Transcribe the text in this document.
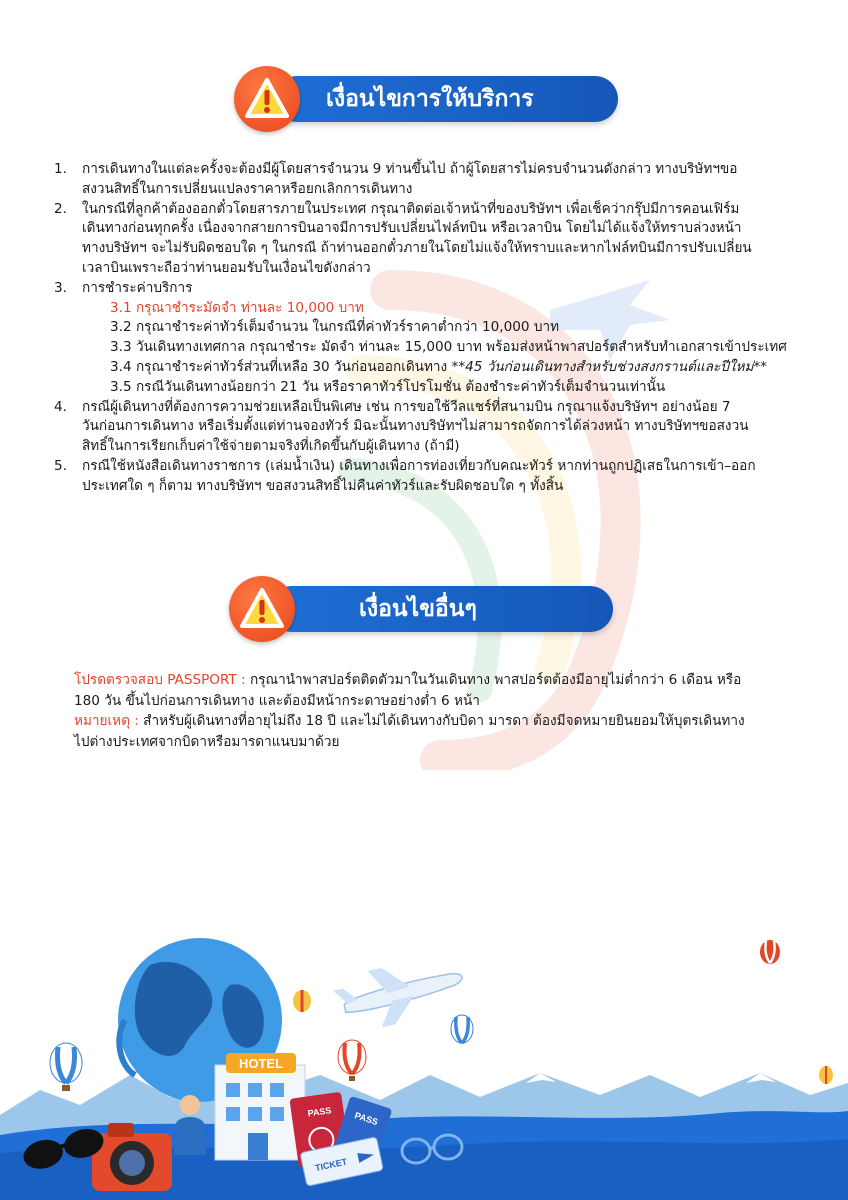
เงื่อนไขการให้บริการ
1. การเดินทางในแต่ละครั้งจะต้องมีผู้โดยสารจำนวน 9 ท่านขึ้นไป ถ้าผู้โดยสารไม่ครบจำนวนดังกล่าว ทางบริษัทฯขอ
สงวนสิทธิ์ในการเปลี่ยนแปลงราคาหรือยกเลิกการเดินทาง
2. ในกรณีที่ลูกค้าต้องออกตั๋วโดยสารภายในประเทศ กรุณาติดต่อเจ้าหน้าที่ของบริษัทฯ เพื่อเช็คว่ากรุ๊ปมีการคอนเฟิร์ม
เดินทางก่อนทุกครั้ง เนื่องจากสายการบินอาจมีการปรับเปลี่ยนไฟล์ทบิน หรือเวลาบิน โดยไม่ได้แจ้งให้ทราบล่วงหน้า
ทางบริษัทฯ จะไม่รับผิดชอบใด ๆ ในกรณี ถ้าท่านออกตั๋วภายในโดยไม่แจ้งให้ทราบและหากไฟล์ทบินมีการปรับเปลี่ยน
เวลาบินเพราะถือว่าท่านยอมรับในเงื่อนไขดังกล่าว
3. การชำระค่าบริการ
3.1 กรุณาชำระมัดจำ ท่านละ 10,000 บาท
3.2 กรุณาชำระค่าทัวร์เต็มจำนวน ในกรณีที่ค่าทัวร์ราคาต่ำกว่า 10,000 บาท
3.3 วันเดินทางเทศกาล กรุณาชำระ มัดจำ ท่านละ 15,000 บาท พร้อมส่งหน้าพาสปอร์ตสำหรับทำเอกสารเข้าประเทศ
3.4 กรุณาชำระค่าทัวร์ส่วนที่เหลือ 30 วันก่อนออกเดินทาง **45 วันก่อนเดินทางสำหรับช่วงสงกรานต์และปีใหม่**
3.5 กรณีวันเดินทางน้อยกว่า 21 วัน หรือราคาทัวร์โปรโมชั่น ต้องชำระค่าทัวร์เต็มจำนวนเท่านั้น
4. กรณีผู้เดินทางที่ต้องการความช่วยเหลือเป็นพิเศษ เช่น การขอใช้วีลแชร์ที่สนามบิน กรุณาแจ้งบริษัทฯ อย่างน้อย 7
วันก่อนการเดินทาง หรือเริ่มตั้งแต่ท่านจองทัวร์ มิฉะนั้นทางบริษัทฯไม่สามารถจัดการได้ล่วงหน้า ทางบริษัทฯขอสงวน
สิทธิ์ในการเรียกเก็บค่าใช้จ่ายตามจริงที่เกิดขึ้นกับผู้เดินทาง (ถ้ามี)
5. กรณีใช้หนังสือเดินทางราชการ (เล่มน้ำเงิน) เดินทางเพื่อการท่องเที่ยวกับคณะทัวร์ หากท่านถูกปฏิเสธในการเข้า–ออก
ประเทศใด ๆ ก็ตาม ทางบริษัทฯ ขอสงวนสิทธิ์ไม่คืนค่าทัวร์และรับผิดชอบใด ๆ ทั้งสิ้น
เงื่อนไขอื่นๆ
โปรดตรวจสอบ PASSPORT : กรุณานำพาสปอร์ตติดตัวมาในวันเดินทาง พาสปอร์ตต้องมีอายุไม่ต่ำกว่า 6 เดือน หรือ
180 วัน ขึ้นไปก่อนการเดินทาง และต้องมีหน้ากระดาษอย่างต่ำ 6 หน้า
หมายเหตุ : สำหรับผู้เดินทางที่อายุไม่ถึง 18 ปี และไม่ได้เดินทางกับบิดา มารดา ต้องมีจดหมายยินยอมให้บุตรเดินทาง
ไปต่างประเทศจากบิดาหรือมารดาแนบมาด้วย
HOTEL
PASS PASS
TICKET
